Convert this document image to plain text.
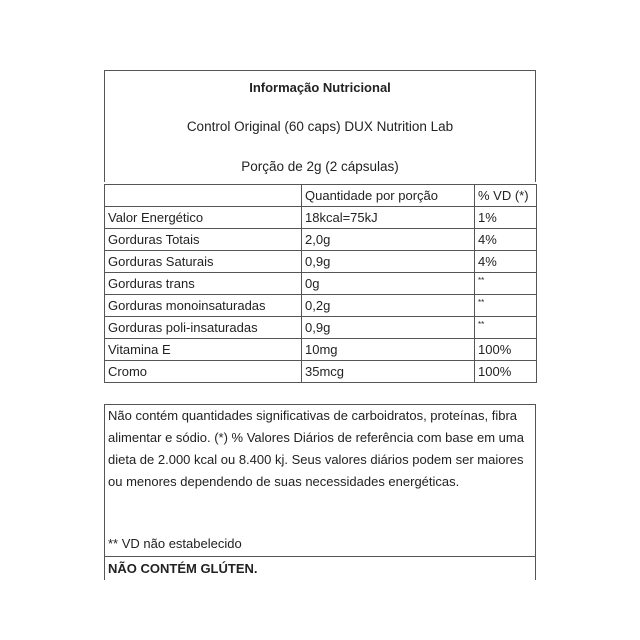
Informação Nutricional
Control Original (60 caps) DUX Nutrition Lab
Porção de 2g (2 cápsulas)
	Quantidade por porção	% VD (*)
Valor Energético	18kcal=75kJ	1%
Gorduras Totais	2,0g	4%
Gorduras Saturais	0,9g	4%
Gorduras trans	0g	**
Gorduras monoinsaturadas	0,2g	**
Gorduras poli-insaturadas	0,9g	**
Vitamina E	10mg	100%
Cromo	35mcg	100%
Não contém quantidades significativas de carboidratos, proteínas, fibra alimentar e sódio. (*) % Valores Diários de referência com base em uma dieta de 2.000 kcal ou 8.400 kj. Seus valores diários podem ser maiores ou menores dependendo de suas necessidades energéticas.
** VD não estabelecido
NÃO CONTÉM GLÚTEN.
